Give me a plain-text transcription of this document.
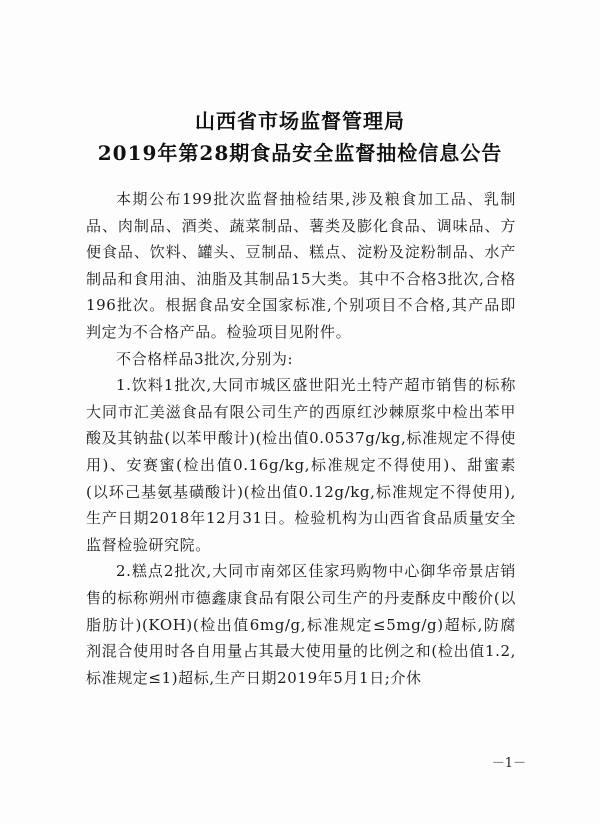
山西省市场监督管理局
2019年第28期食品安全监督抽检信息公告

本期公布199批次监督抽检结果,涉及粮食加工品、乳制品、肉制品、酒类、蔬菜制品、薯类及膨化食品、调味品、方便食品、饮料、罐头、豆制品、糕点、淀粉及淀粉制品、水产制品和食用油、油脂及其制品15大类。其中不合格3批次,合格196批次。根据食品安全国家标准,个别项目不合格,其产品即判定为不合格产品。检验项目见附件。

不合格样品3批次,分别为:

1.饮料1批次,大同市城区盛世阳光土特产超市销售的标称大同市汇美滋食品有限公司生产的西原红沙棘原浆中检出苯甲酸及其钠盐(以苯甲酸计)(检出值0.0537g/kg,标准规定不得使用)、安赛蜜(检出值0.16g/kg,标准规定不得使用)、甜蜜素(以环己基氨基磺酸计)(检出值0.12g/kg,标准规定不得使用),生产日期2018年12月31日。检验机构为山西省食品质量安全监督检验研究院。

2.糕点2批次,大同市南郊区佳家玛购物中心御华帝景店销售的标称朔州市德鑫康食品有限公司生产的丹麦酥皮中酸价(以脂肪计)(KOH)(检出值6mg/g,标准规定≤5mg/g)超标,防腐剂混合使用时各自用量占其最大使用量的比例之和(检出值1.2,标准规定≤1)超标,生产日期2019年5月1日;介休

－1－
